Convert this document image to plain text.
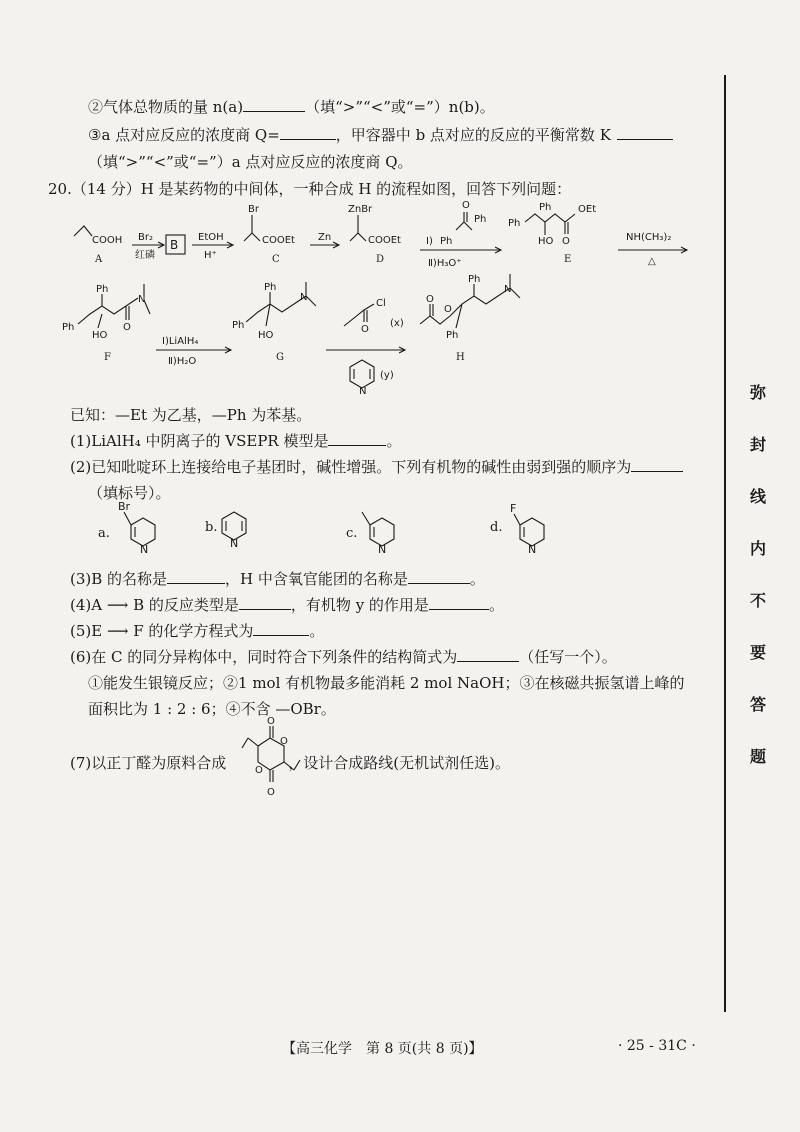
②气体总物质的量 n(a)	（填“>”“<”或“=”）n(b)。
③a 点对应反应的浓度商 Q=	，甲容器中 b 点对应的反应的平衡常数 K
（填“>”“<”或“=”）a 点对应反应的浓度商 Q。
20.（14 分）H 是某药物的中间体，一种合成 H 的流程如图，回答下列问题：
COOH
A
Br₂
红磷
B
EtOH
H⁺
Br
COOEt
C
Zn
ZnBr
COOEt
D
O
Ph
Ⅰ) Ph
Ⅱ)H₃O⁺
Ph
Ph	OEt
HO O
E
NH(CH₃)₂
△
Ph
Ph
HO
O
N
F
Ⅰ)LiAlH₄
Ⅱ)H₂O
Ph
Ph
HO
N
G
Cl
O
(x)
N
(y)
O
O
Ph
Ph
N
H
已知：—Et 为乙基，—Ph 为苯基。
(1)LiAlH₄ 中阴离子的 VSEPR 模型是	。
(2)已知吡啶环上连接给电子基团时，碱性增强。下列有机物的碱性由弱到强的顺序为
（填标号）。
a.
Br
N
b.
N
c.
N
d.
F
N
(3)B 的名称是	，H 中含氧官能团的名称是	。
(4)A ⟶ B 的反应类型是	，有机物 y 的作用是	。
(5)E ⟶ F 的化学方程式为	。
(6)在 C 的同分异构体中，同时符合下列条件的结构简式为	（任写一个）。
①能发生银镜反应；②1 mol 有机物最多能消耗 2 mol NaOH；③在核磁共振氢谱上峰的
面积比为 1 : 2 : 6；④不含 —OBr。
(7)以正丁醛为原料合成	，设计合成路线(无机试剂任选)。
O
O
O
O
弥
封
线
内
不
要
答
题
【高三化学　第 8 页(共 8 页)】	· 25 - 31C ·
